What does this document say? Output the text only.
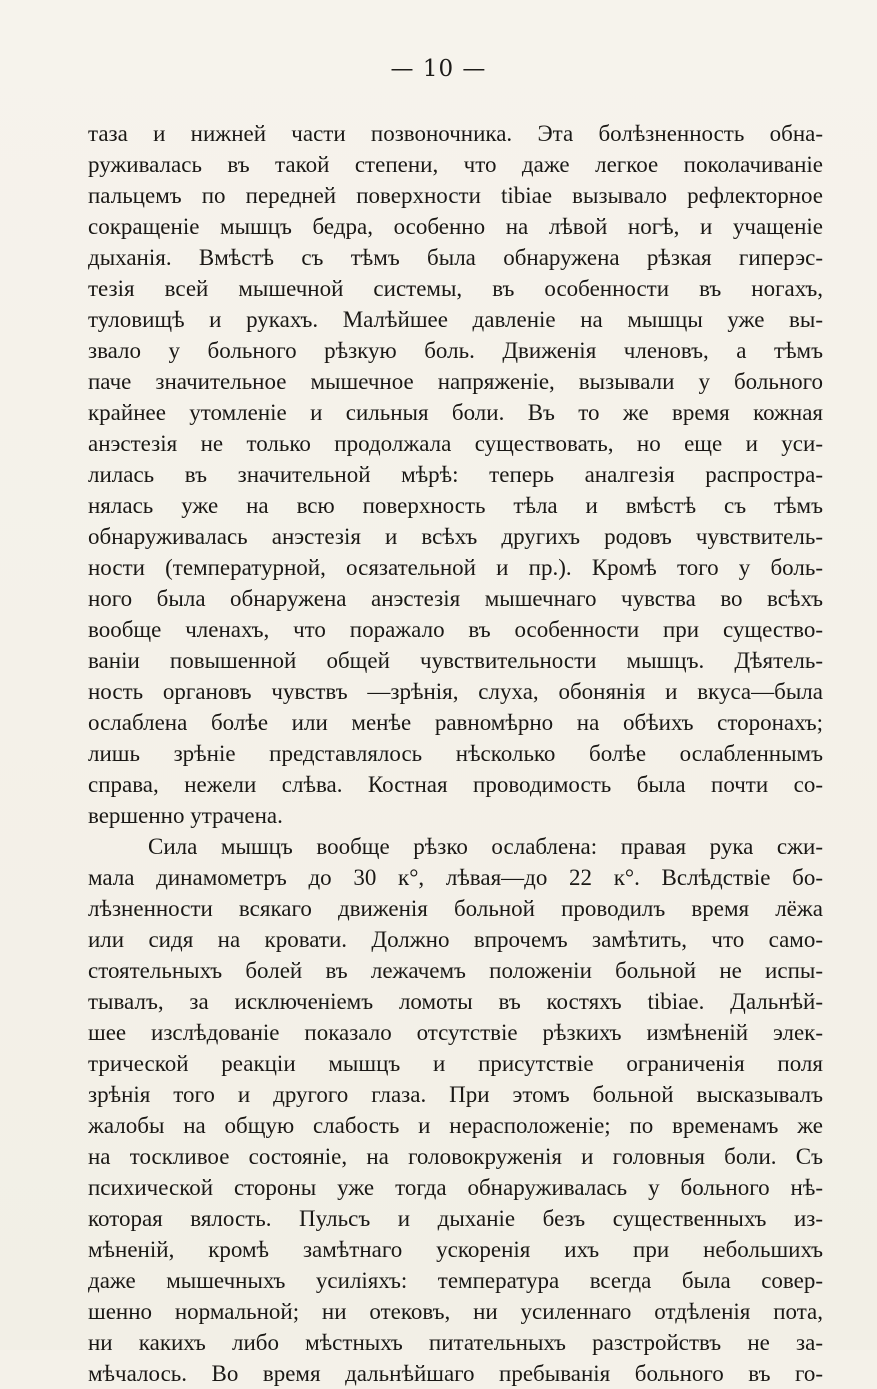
— 10 —
таза и нижней части позвоночника. Эта болѣзненность обна-
руживалась въ такой степени, что даже легкое поколачиваніе
пальцемъ по передней поверхности tibiae вызывало рефлекторное
сокращеніе мышцъ бедра, особенно на лѣвой ногѣ, и учащеніе
дыханія. Вмѣстѣ съ тѣмъ была обнаружена рѣзкая гиперэс-
тезія всей мышечной системы, въ особенности въ ногахъ,
туловищѣ и рукахъ. Малѣйшее давленіе на мышцы уже вы-
звало у больного рѣзкую боль. Движенія членовъ, а тѣмъ
паче значительное мышечное напряженіе, вызывали у больного
крайнее утомленіе и сильныя боли. Въ то же время кожная
анэстезія не только продолжала существовать, но еще и уси-
лилась въ значительной мѣрѣ: теперь аналгезія распростра-
нялась уже на всю поверхность тѣла и вмѣстѣ съ тѣмъ
обнаруживалась анэстезія и всѣхъ другихъ родовъ чувствитель-
ности (температурной, осязательной и пр.). Кромѣ того у боль-
ного была обнаружена анэстезія мышечнаго чувства во всѣхъ
вообще членахъ, что поражало въ особенности при существо-
ваніи повышенной общей чувствительности мышцъ. Дѣятель-
ность органовъ чувствъ —зрѣнія, слуха, обонянія и вкуса—была
ослаблена болѣе или менѣе равномѣрно на обѣихъ сторонахъ;
лишь зрѣніе представлялось нѣсколько болѣе ослабленнымъ
справа, нежели слѣва. Костная проводимость была почти со-
вершенно утрачена.
Сила мышцъ вообще рѣзко ослаблена: правая рука сжи-
мала динамометръ до 30 к°, лѣвая—до 22 к°. Вслѣдствіе бо-
лѣзненности всякаго движенія больной проводилъ время лёжа
или сидя на кровати. Должно впрочемъ замѣтить, что само-
стоятельныхъ болей въ лежачемъ положеніи больной не испы-
тывалъ, за исключеніемъ ломоты въ костяхъ tibiae. Дальнѣй-
шее изслѣдованіе показало отсутствіе рѣзкихъ измѣненій элек-
трической реакціи мышцъ и присутствіе ограниченія поля
зрѣнія того и другого глаза. При этомъ больной высказывалъ
жалобы на общую слабость и нерасположеніе; по временамъ же
на тоскливое состояніе, на головокруженія и головныя боли. Съ
психической стороны уже тогда обнаруживалась у больного нѣ-
которая вялость. Пульсъ и дыханіе безъ существенныхъ из-
мѣненій, кромѣ замѣтнаго ускоренія ихъ при небольшихъ
даже мышечныхъ усиліяхъ: температура всегда была совер-
шенно нормальной; ни отековъ, ни усиленнаго отдѣленія пота,
ни какихъ либо мѣстныхъ питательныхъ разстройствъ не за-
мѣчалось. Во время дальнѣйшаго пребыванія больного въ го-
